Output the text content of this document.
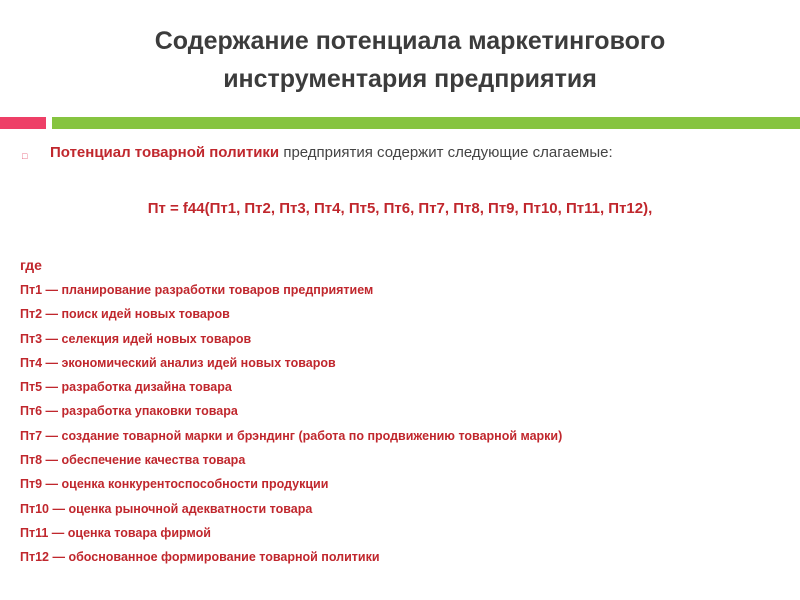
Содержание потенциала маркетингового
инструментария предприятия
□ Потенциал товарной политики предприятия содержит следующие слагаемые:
Пт = f44(Пт1, Пт2, Пт3, Пт4, Пт5, Пт6, Пт7, Пт8, Пт9, Пт10, Пт11, Пт12),
где
Пт1 — планирование разработки товаров предприятием
Пт2 — поиск идей новых товаров
Пт3 — селекция идей новых товаров
Пт4 — экономический анализ идей новых товаров
Пт5 — разработка дизайна товара
Пт6 — разработка упаковки товара
Пт7 — создание товарной марки и брэндинг (работа по продвижению товарной марки)
Пт8 — обеспечение качества товара
Пт9 — оценка конкурентоспособности продукции
Пт10 — оценка рыночной адекватности товара
Пт11 — оценка товара фирмой
Пт12 — обоснованное формирование товарной политики
